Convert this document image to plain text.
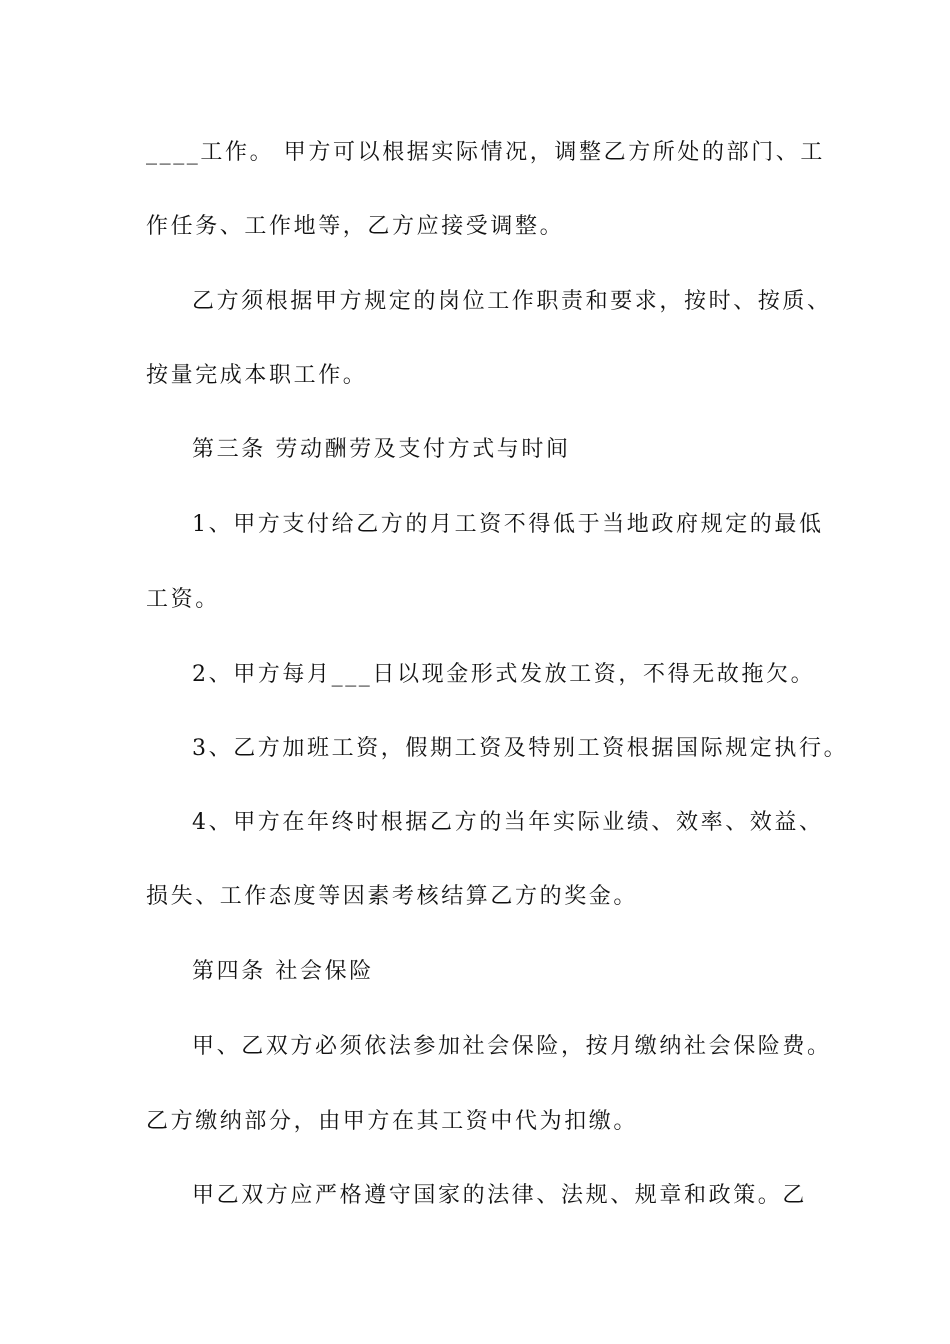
____工作。 甲方可以根据实际情况，调整乙方所处的部门、工
作任务、工作地等，乙方应接受调整。
乙方须根据甲方规定的岗位工作职责和要求，按时、按质、
按量完成本职工作。
第三条 劳动酬劳及支付方式与时间
1、甲方支付给乙方的月工资不得低于当地政府规定的最低
工资。
2、甲方每月___日以现金形式发放工资，不得无故拖欠。
3、乙方加班工资，假期工资及特别工资根据国际规定执行。
4、甲方在年终时根据乙方的当年实际业绩、效率、效益、
损失、工作态度等因素考核结算乙方的奖金。
第四条 社会保险
甲、乙双方必须依法参加社会保险，按月缴纳社会保险费。
乙方缴纳部分，由甲方在其工资中代为扣缴。
甲乙双方应严格遵守国家的法律、法规、规章和政策。乙
